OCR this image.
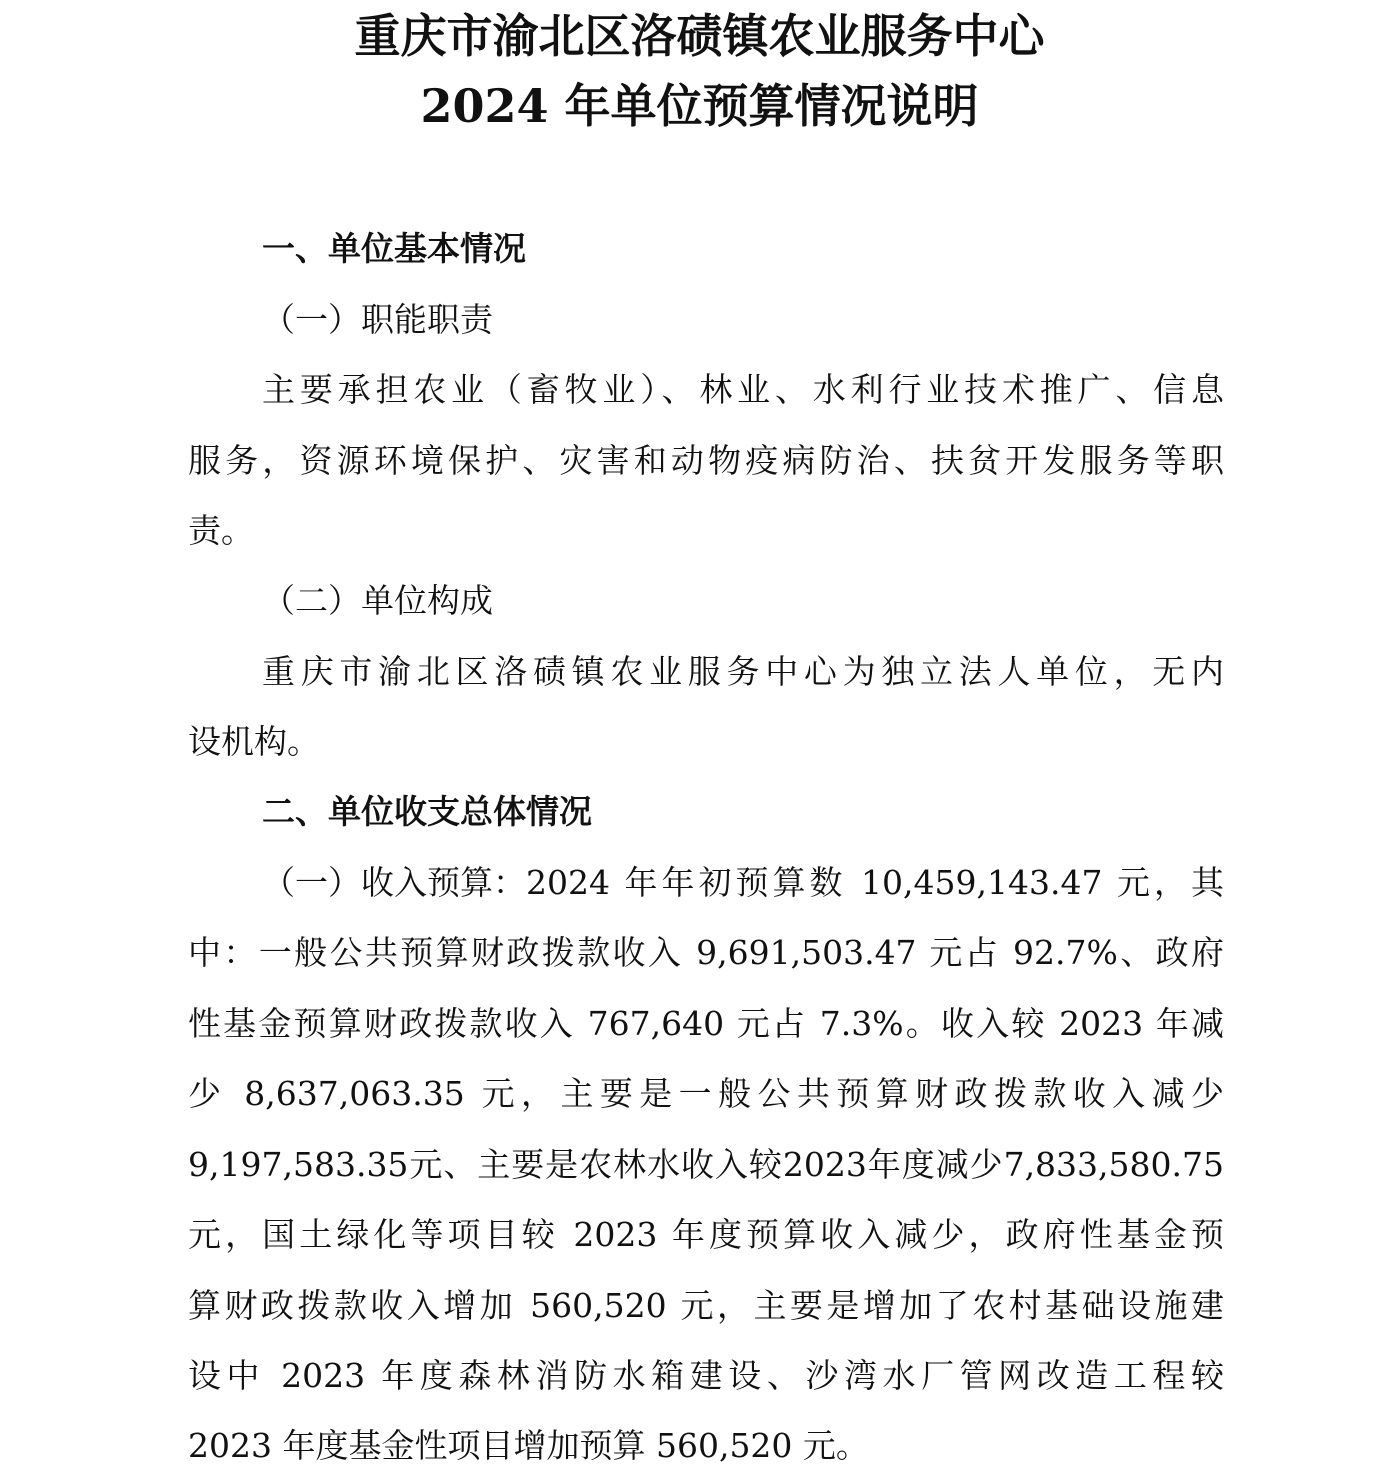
重庆市渝北区洛碛镇农业服务中心
2024 年单位预算情况说明
一、单位基本情况
（一）职能职责
主要承担农业（畜牧业）、林业、水利行业技术推广、信息
服务，资源环境保护、灾害和动物疫病防治、扶贫开发服务等职
责。
（二）单位构成
重庆市渝北区洛碛镇农业服务中心为独立法人单位，无内
设机构。
二、单位收支总体情况
（一）收入预算： 2024 年年初预算数 10,459,143.47 元，其
中：一般公共预算财政拨款收入 9,691,503.47 元占 92.7%、政府
性基金预算财政拨款收入 767,640 元占 7.3%。收入较 2023 年减
少 8,637,063.35 元，主要是一般公共预算财政拨款收入减少
9,197,583.35元、主要是农林水收入较2023年度减少7,833,580.75
元，国土绿化等项目较 2023 年度预算收入减少，政府性基金预
算财政拨款收入增加 560,520 元，主要是增加了农村基础设施建
设中 2023 年度森林消防水箱建设、沙湾水厂管网改造工程较
2023 年度基金性项目增加预算 560,520 元。
